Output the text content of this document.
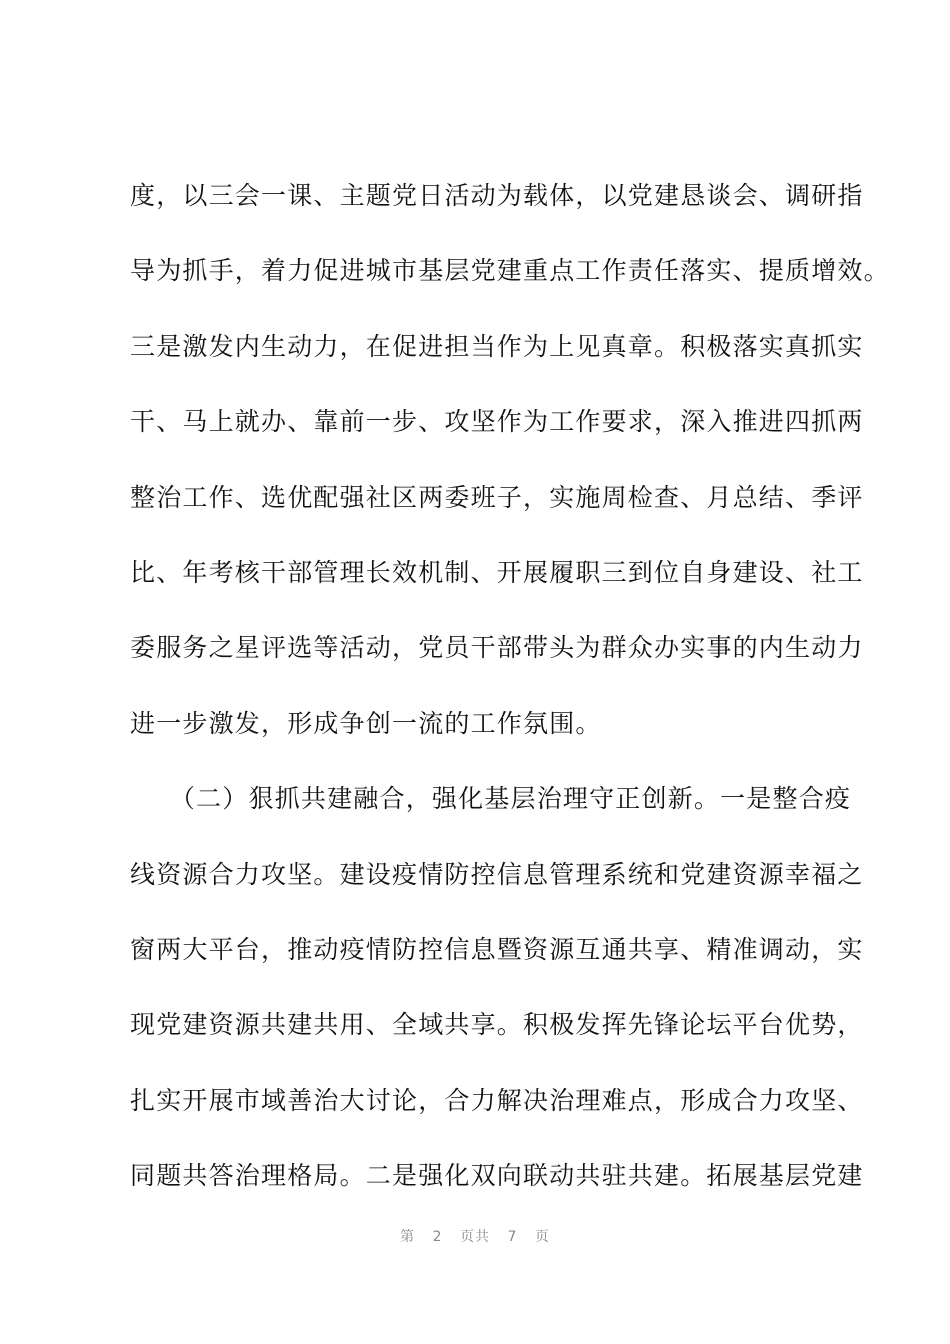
度，以三会一课、主题党日活动为载体，以党建恳谈会、调研指
导为抓手，着力促进城市基层党建重点工作责任落实、提质增效。
三是激发内生动力，在促进担当作为上见真章。积极落实真抓实
干、马上就办、靠前一步、攻坚作为工作要求，深入推进四抓两
整治工作、选优配强社区两委班子，实施周检查、月总结、季评
比、年考核干部管理长效机制、开展履职三到位自身建设、社工
委服务之星评选等活动，党员干部带头为群众办实事的内生动力
进一步激发，形成争创一流的工作氛围。
　　（二）狠抓共建融合，强化基层治理守正创新。一是整合疫
线资源合力攻坚。建设疫情防控信息管理系统和党建资源幸福之
窗两大平台，推动疫情防控信息暨资源互通共享、精准调动，实
现党建资源共建共用、全域共享。积极发挥先锋论坛平台优势，
扎实开展市域善治大讨论，合力解决治理难点，形成合力攻坚、
同题共答治理格局。二是强化双向联动共驻共建。拓展基层党建
第 2 页共 7 页
